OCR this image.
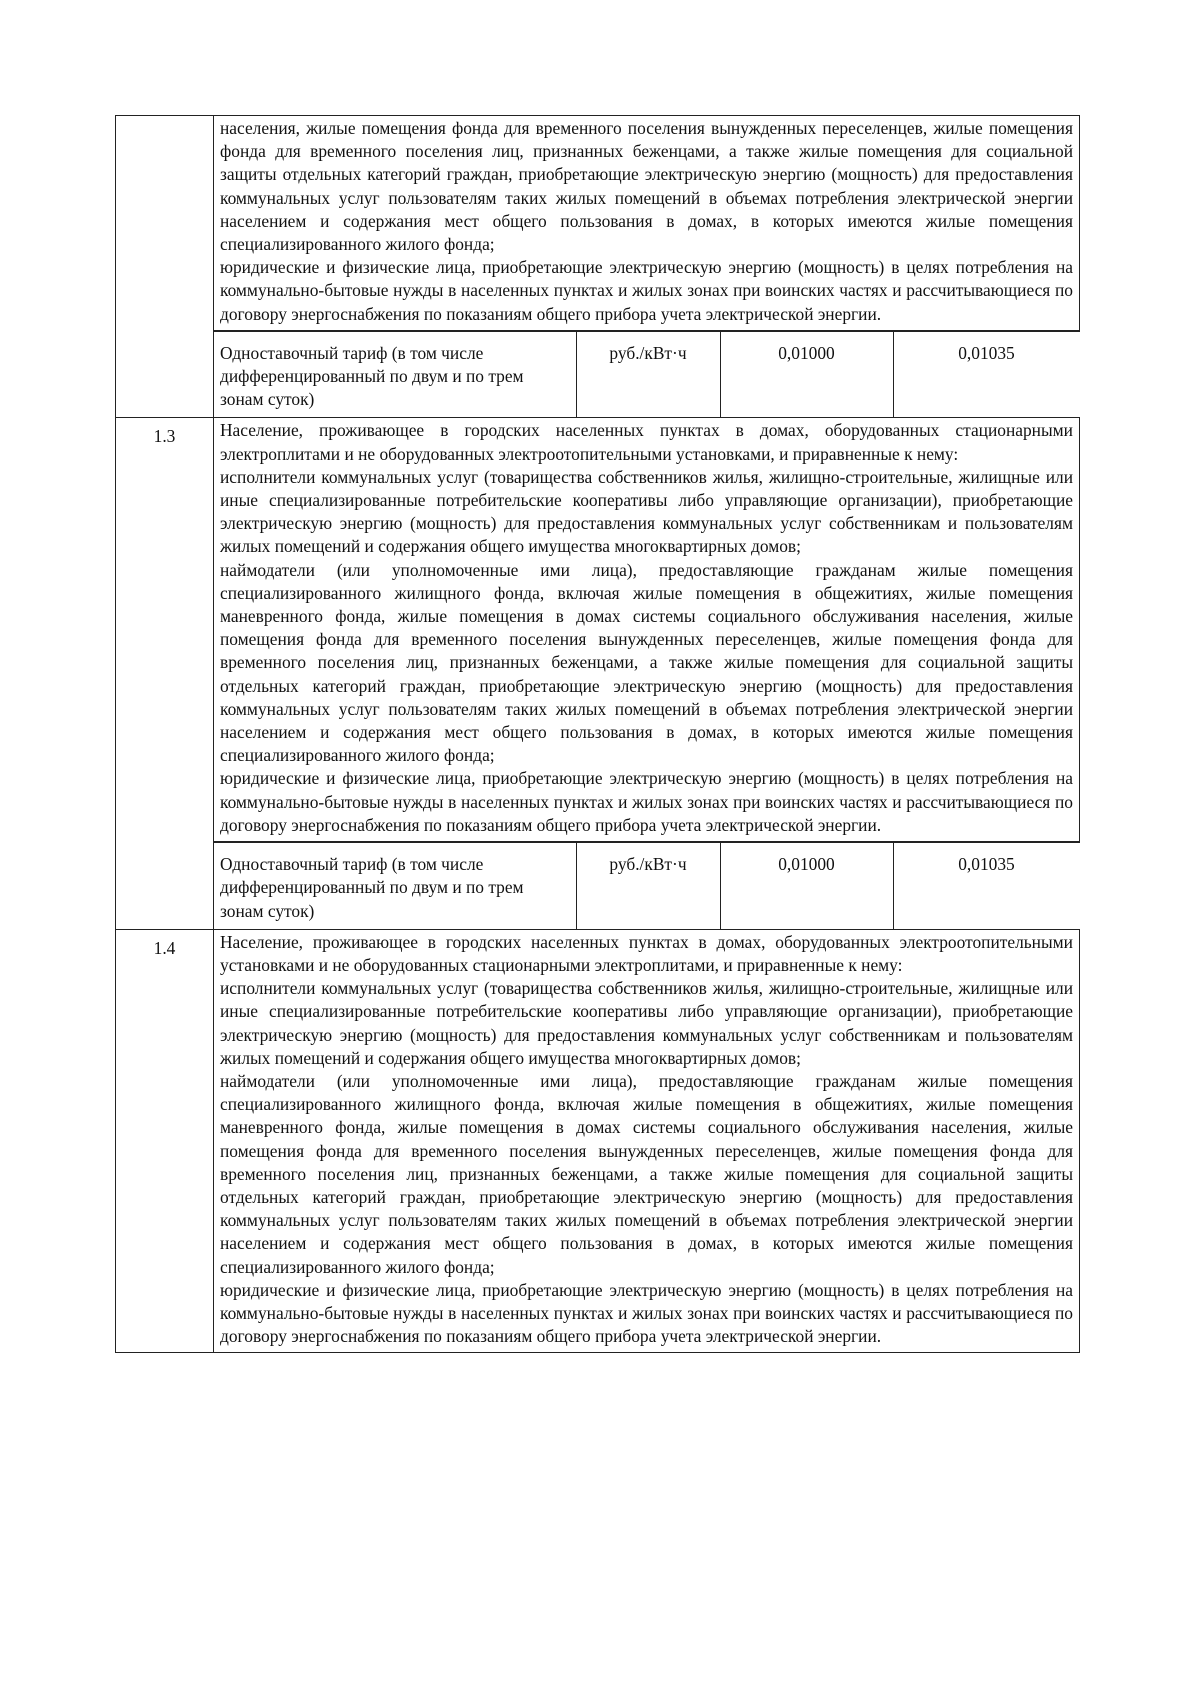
населения, жилые помещения фонда для временного поселения вынужденных переселенцев, жилые помещения фонда для временного поселения лиц, признанных беженцами, а также жилые помещения для социальной защиты отдельных категорий граждан, приобретающие электрическую энергию (мощность) для предоставления коммунальных услуг пользователям таких жилых помещений в объемах потребления электрической энергии населением и содержания мест общего пользования в домах, в которых имеются жилые помещения специализированного жилого фонда;

юридические и физические лица, приобретающие электрическую энергию (мощность) в целях потребления на коммунально-бытовые нужды в населенных пунктах и жилых зонах при воинских частях и рассчитывающиеся по договору энергоснабжения по показаниям общего прибора учета электрической энергии.

Одноставочный тариф (в том числе дифференцированный по двум и по трем зонам суток)	руб./кВт·ч	0,01000	0,01035

1.3	Население, проживающее в городских населенных пунктах в домах, оборудованных стационарными электроплитами и не оборудованных электроотопительными установками, и приравненные к нему:

исполнители коммунальных услуг (товарищества собственников жилья, жилищно-строительные, жилищные или иные специализированные потребительские кооперативы либо управляющие организации), приобретающие электрическую энергию (мощность) для предоставления коммунальных услуг собственникам и пользователям жилых помещений и содержания общего имущества многоквартирных домов;

наймодатели (или уполномоченные ими лица), предоставляющие гражданам жилые помещения специализированного жилищного фонда, включая жилые помещения в общежитиях, жилые помещения маневренного фонда, жилые помещения в домах системы социального обслуживания населения, жилые помещения фонда для временного поселения вынужденных переселенцев, жилые помещения фонда для временного поселения лиц, признанных беженцами, а также жилые помещения для социальной защиты отдельных категорий граждан, приобретающие электрическую энергию (мощность) для предоставления коммунальных услуг пользователям таких жилых помещений в объемах потребления электрической энергии населением и содержания мест общего пользования в домах, в которых имеются жилые помещения специализированного жилого фонда;

юридические и физические лица, приобретающие электрическую энергию (мощность) в целях потребления на коммунально-бытовые нужды в населенных пунктах и жилых зонах при воинских частях и рассчитывающиеся по договору энергоснабжения по показаниям общего прибора учета электрической энергии.

Одноставочный тариф (в том числе дифференцированный по двум и по трем зонам суток)	руб./кВт·ч	0,01000	0,01035

1.4	Население, проживающее в городских населенных пунктах в домах, оборудованных электроотопительными установками и не оборудованных стационарными электроплитами, и приравненные к нему:

исполнители коммунальных услуг (товарищества собственников жилья, жилищно-строительные, жилищные или иные специализированные потребительские кооперативы либо управляющие организации), приобретающие электрическую энергию (мощность) для предоставления коммунальных услуг собственникам и пользователям жилых помещений и содержания общего имущества многоквартирных домов;

наймодатели (или уполномоченные ими лица), предоставляющие гражданам жилые помещения специализированного жилищного фонда, включая жилые помещения в общежитиях, жилые помещения маневренного фонда, жилые помещения в домах системы социального обслуживания населения, жилые помещения фонда для временного поселения вынужденных переселенцев, жилые помещения фонда для временного поселения лиц, признанных беженцами, а также жилые помещения для социальной защиты отдельных категорий граждан, приобретающие электрическую энергию (мощность) для предоставления коммунальных услуг пользователям таких жилых помещений в объемах потребления электрической энергии населением и содержания мест общего пользования в домах, в которых имеются жилые помещения специализированного жилого фонда;

юридические и физические лица, приобретающие электрическую энергию (мощность) в целях потребления на коммунально-бытовые нужды в населенных пунктах и жилых зонах при воинских частях и рассчитывающиеся по договору энергоснабжения по показаниям общего прибора учета электрической энергии.
